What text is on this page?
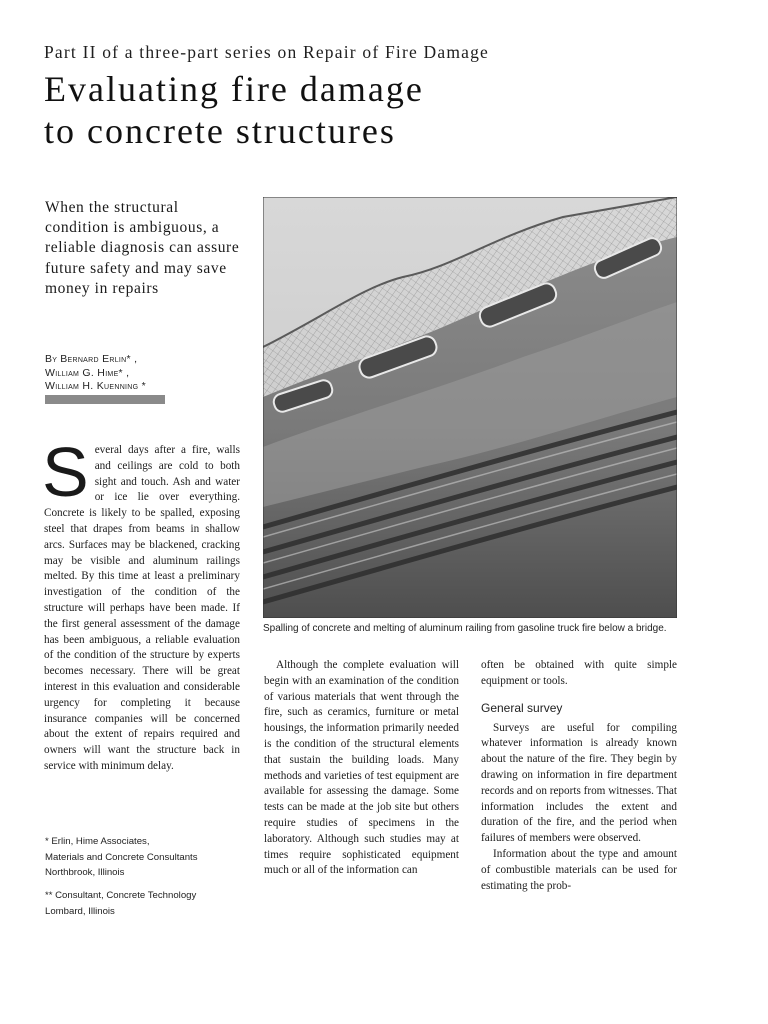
Part II of a three-part series on Repair of Fire Damage
Evaluating fire damage
to concrete structures
When the structural condition is ambiguous, a reliable diagnosis can assure future safety and may save money in repairs
By Bernard Erlin* ,
William G. Hime* ,
William H. Kuenning *
Several days after a fire, walls and ceilings are cold to both sight and touch. Ash and water or ice lie over everything. Concrete is likely to be spalled, exposing steel that drapes from beams in shallow arcs. Surfaces may be blackened, cracking may be visible and aluminum railings melted. By this time at least a preliminary investigation of the condition of the structure will perhaps have been made. If the first general assessment of the damage has been ambiguous, a reliable evaluation of the condition of the structure by experts becomes necessary. There will be great interest in this evaluation and considerable urgency for completing it because insurance companies will be concerned about the extent of repairs required and owners will want the structure back in service with minimum delay.

* Erlin, Hime Associates,
Materials and Concrete Consultants
Northbrook, Illinois

** Consultant, Concrete Technology
Lombard, Illinois

Spalling of concrete and melting of aluminum railing from gasoline truck fire below a bridge.

Although the complete evaluation will begin with an examination of the condition of various materials that went through the fire, such as ceramics, furniture or metal housings, the information primarily needed is the condition of the structural elements that sustain the building loads. Many methods and varieties of test equipment are available for assessing the damage. Some tests can be made at the job site but others require studies of specimens in the laboratory. Although such studies may at times require sophisticated equipment much or all of the information can

often be obtained with quite simple equipment or tools.

General survey

Surveys are useful for compiling whatever information is already known about the nature of the fire. They begin by drawing on information in fire department records and on reports from witnesses. That information includes the extent and duration of the fire, and the period when failures of members were observed.

Information about the type and amount of combustible materials can be used for estimating the prob-
